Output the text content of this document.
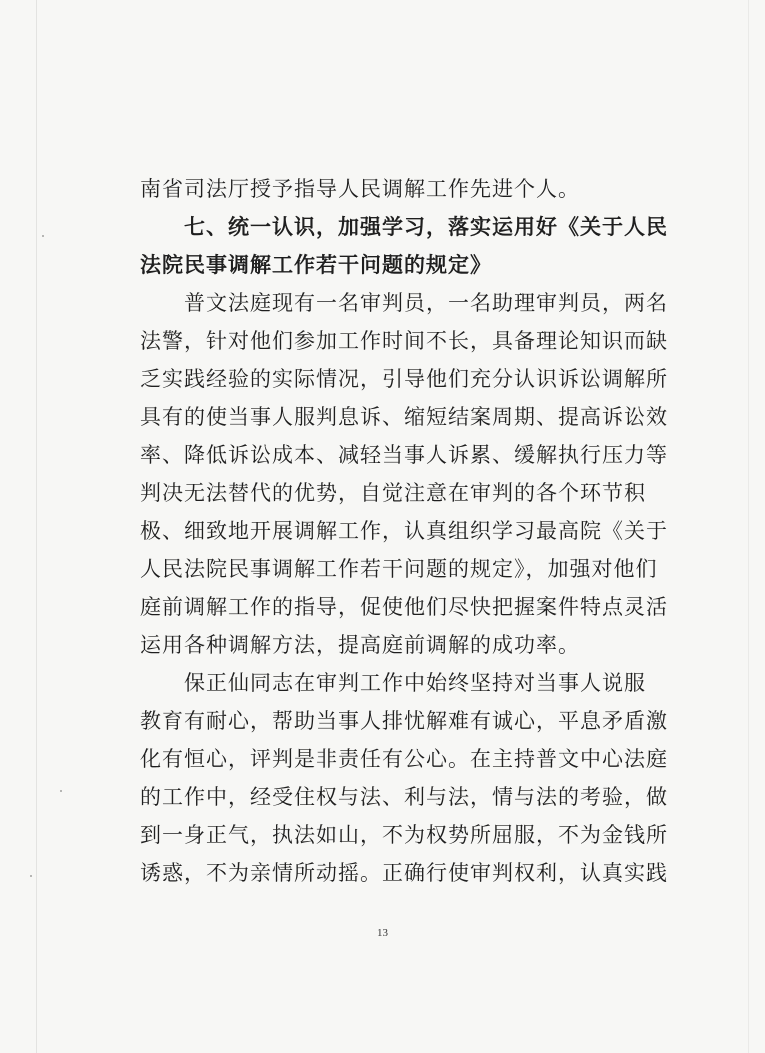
南省司法厅授予指导人民调解工作先进个人。
七、统一认识，加强学习，落实运用好《关于人民
法院民事调解工作若干问题的规定》
普文法庭现有一名审判员，一名助理审判员，两名
法警，针对他们参加工作时间不长，具备理论知识而缺
乏实践经验的实际情况，引导他们充分认识诉讼调解所
具有的使当事人服判息诉、缩短结案周期、提高诉讼效
率、降低诉讼成本、减轻当事人诉累、缓解执行压力等
判决无法替代的优势，自觉注意在审判的各个环节积
极、细致地开展调解工作，认真组织学习最高院《关于
人民法院民事调解工作若干问题的规定》，加强对他们
庭前调解工作的指导，促使他们尽快把握案件特点灵活
运用各种调解方法，提高庭前调解的成功率。
保正仙同志在审判工作中始终坚持对当事人说服
教育有耐心，帮助当事人排忧解难有诚心，平息矛盾激
化有恒心，评判是非责任有公心。在主持普文中心法庭
的工作中，经受住权与法、利与法，情与法的考验，做
到一身正气，执法如山，不为权势所屈服，不为金钱所
诱惑，不为亲情所动摇。正确行使审判权利，认真实践
13
